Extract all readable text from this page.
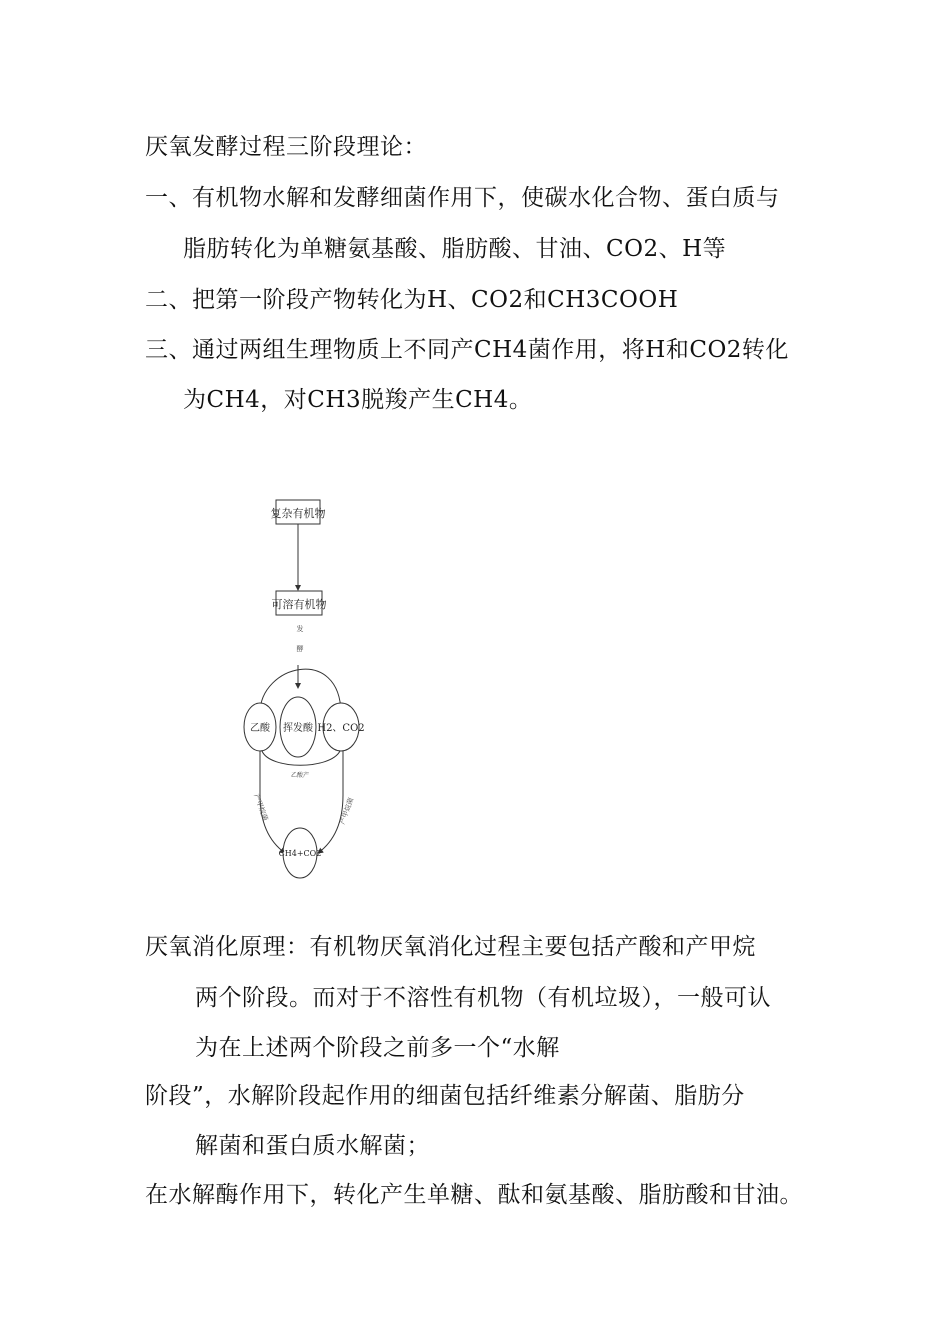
厌氧发酵过程三阶段理论：
一、有机物水解和发酵细菌作用下，使碳水化合物、蛋白质与
脂肪转化为单糖氨基酸、脂肪酸、甘油、CO2、H等
二、把第一阶段产物转化为H、CO2和CH3COOH
三、通过两组生理物质上不同产CH4菌作用，将H和CO2转化
为CH4，对CH3脱羧产生CH4。
复杂有机物
可溶有机物
发
酵
乙酸 挥发酸 H2、CO2
乙酸产
产甲烷菌	产甲烷菌
CH4+CO2
厌氧消化原理：有机物厌氧消化过程主要包括产酸和产甲烷
两个阶段。而对于不溶性有机物（有机垃圾），一般可认
为在上述两个阶段之前多一个“水解
阶段”，水解阶段起作用的细菌包括纤维素分解菌、脂肪分
解菌和蛋白质水解菌；
在水解酶作用下，转化产生单糖、酞和氨基酸、脂肪酸和甘油。
